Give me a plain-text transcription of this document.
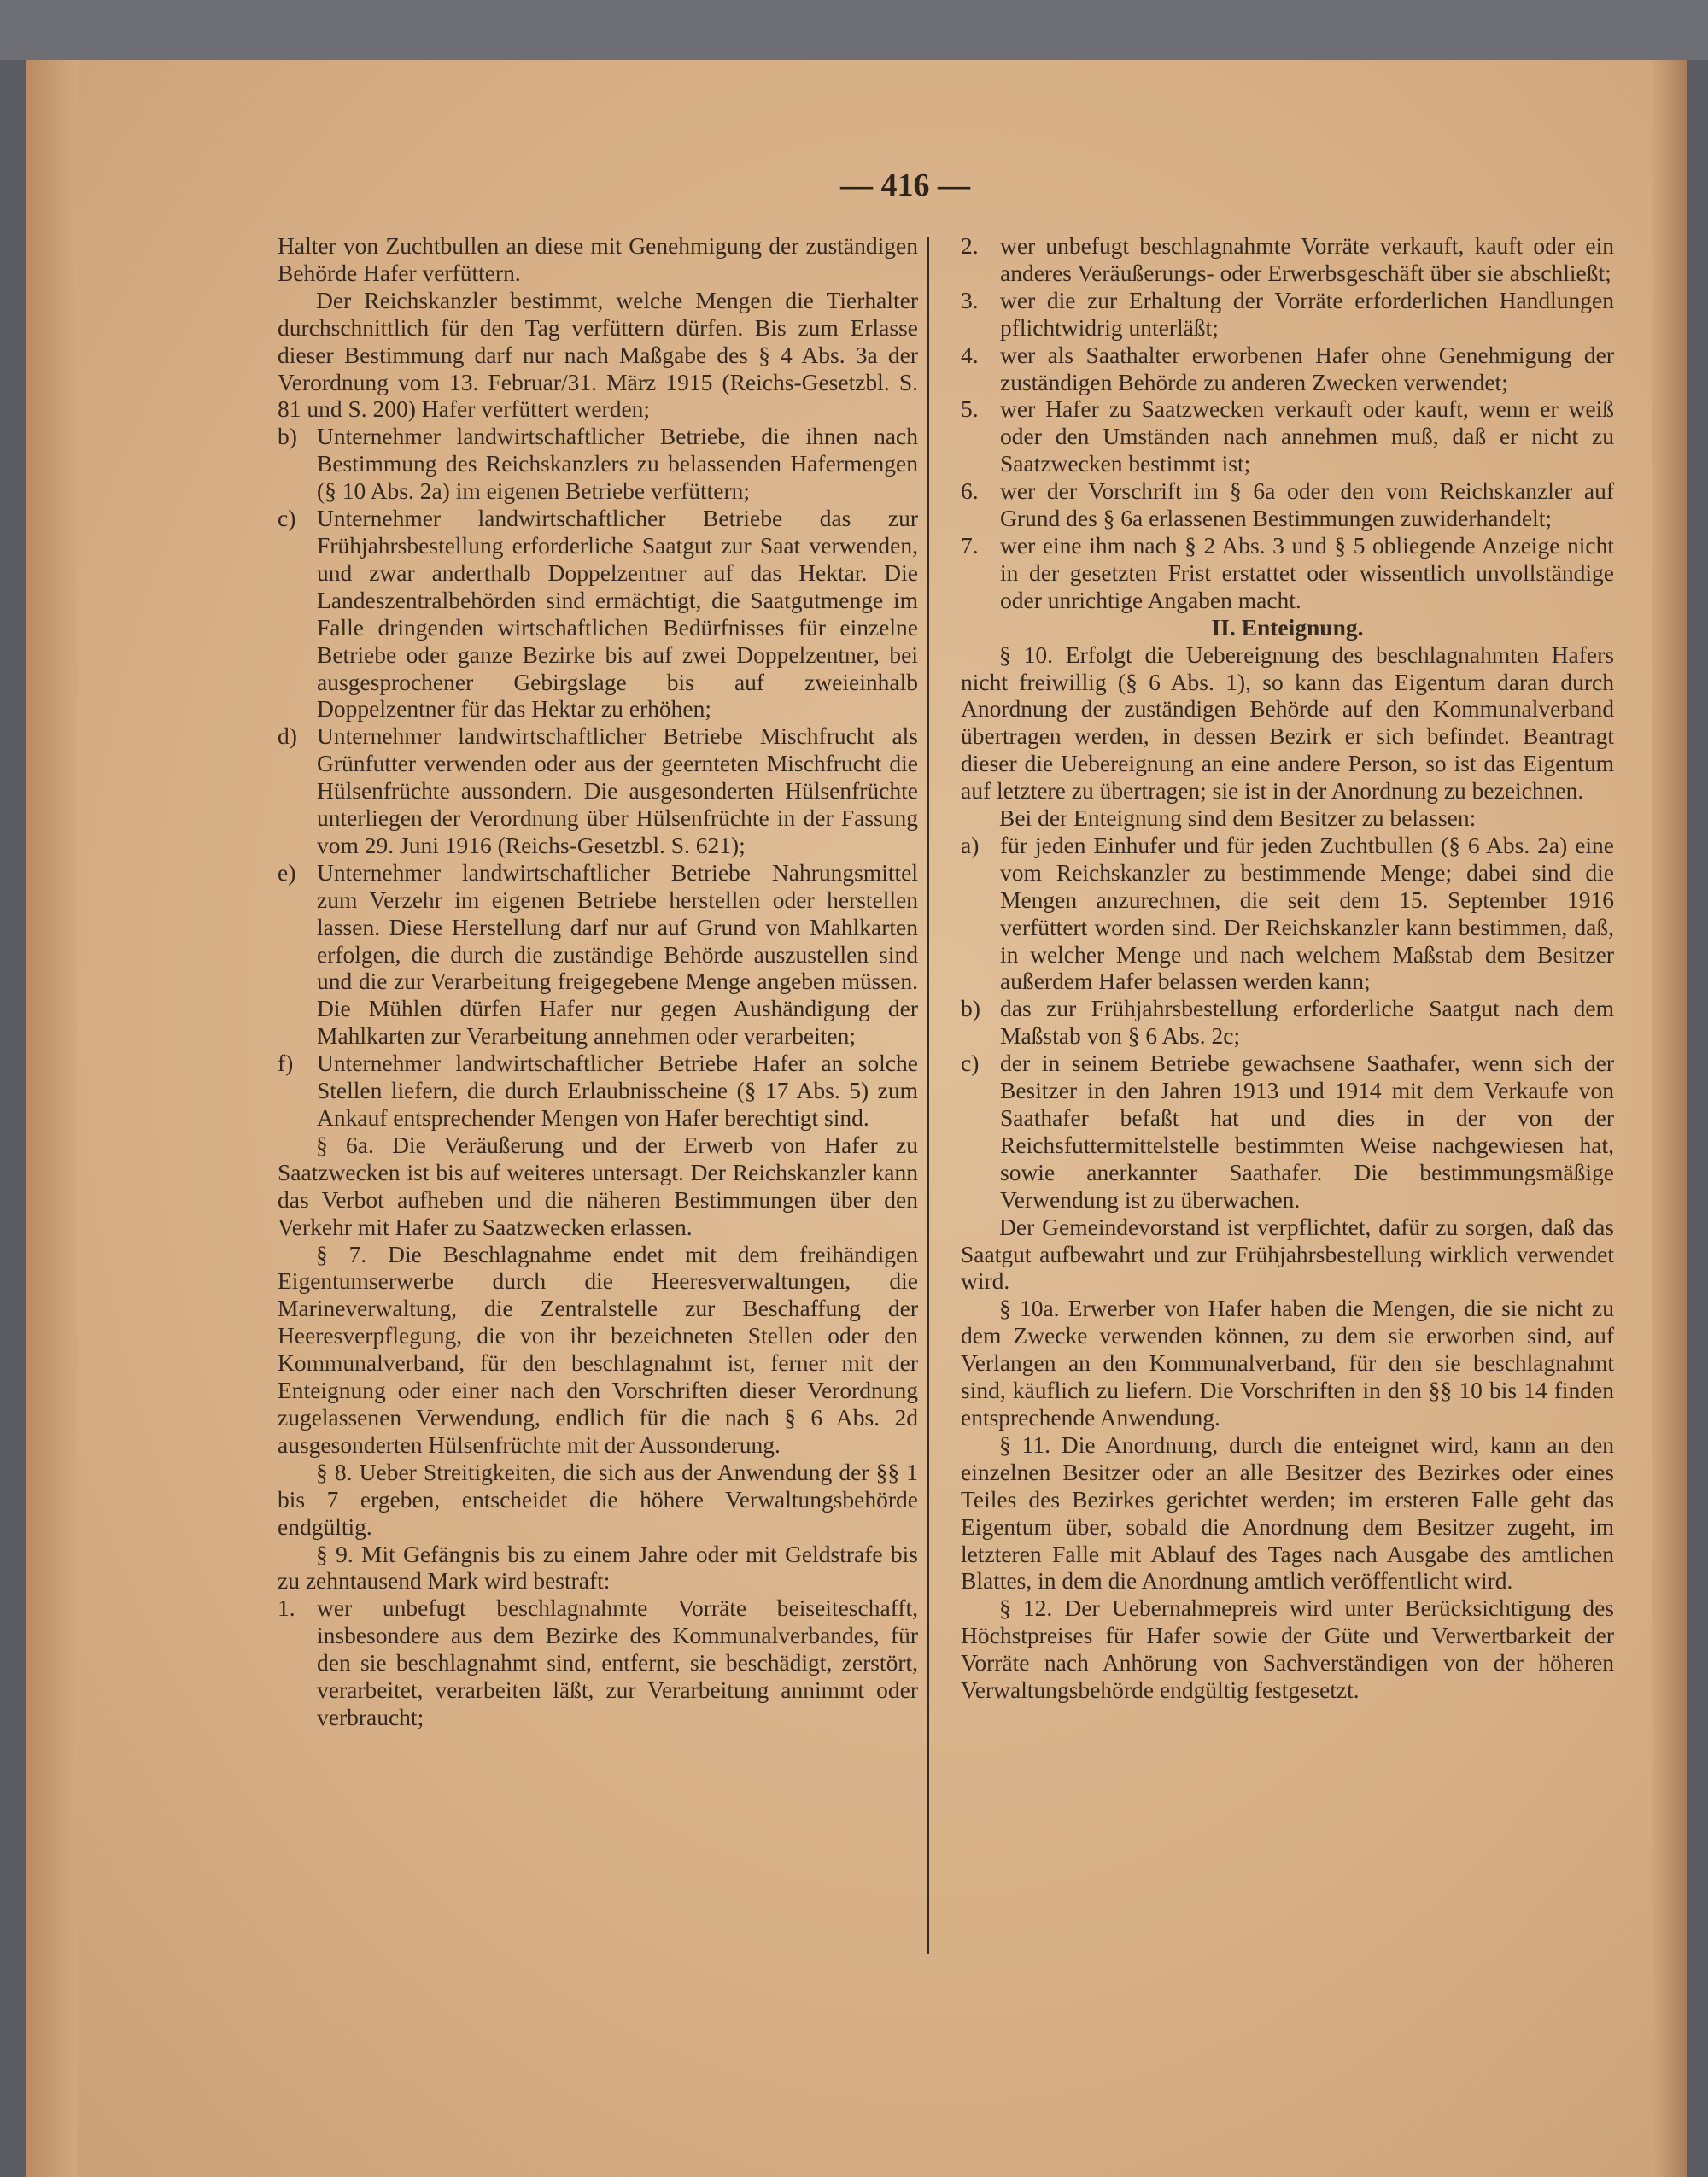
— 416 —

Halter von Zuchtbullen an diese mit Genehmigung der zuständigen Behörde Hafer verfüttern.

Der Reichskanzler bestimmt, welche Mengen die Tierhalter durchschnittlich für den Tag verfüttern dürfen. Bis zum Erlasse dieser Bestimmung darf nur nach Maßgabe des § 4 Abs. 3a der Verordnung vom 13. Februar/31. März 1915 (Reichs-Gesetzbl. S. 81 und S. 200) Hafer verfüttert werden;

b) Unternehmer landwirtschaftlicher Betriebe, die ihnen nach Bestimmung des Reichskanzlers zu belassenden Hafermengen (§ 10 Abs. 2a) im eigenen Betriebe verfüttern;

c) Unternehmer landwirtschaftlicher Betriebe das zur Frühjahrsbestellung erforderliche Saatgut zur Saat verwenden, und zwar anderthalb Doppelzentner auf das Hektar. Die Landeszentralbehörden sind ermächtigt, die Saatgutmenge im Falle dringenden wirtschaftlichen Bedürfnisses für einzelne Betriebe oder ganze Bezirke bis auf zwei Doppelzentner, bei ausgesprochener Gebirgslage bis auf zweieinhalb Doppelzentner für das Hektar zu erhöhen;

d) Unternehmer landwirtschaftlicher Betriebe Mischfrucht als Grünfutter verwenden oder aus der geernteten Mischfrucht die Hülsenfrüchte aussondern. Die ausgesonderten Hülsenfrüchte unterliegen der Verordnung über Hülsenfrüchte in der Fassung vom 29. Juni 1916 (Reichs-Gesetzbl. S. 621);

e) Unternehmer landwirtschaftlicher Betriebe Nahrungsmittel zum Verzehr im eigenen Betriebe herstellen oder herstellen lassen. Diese Herstellung darf nur auf Grund von Mahlkarten erfolgen, die durch die zuständige Behörde auszustellen sind und die zur Verarbeitung freigegebene Menge angeben müssen. Die Mühlen dürfen Hafer nur gegen Aushändigung der Mahlkarten zur Verarbeitung annehmen oder verarbeiten;

f) Unternehmer landwirtschaftlicher Betriebe Hafer an solche Stellen liefern, die durch Erlaubnisscheine (§ 17 Abs. 5) zum Ankauf entsprechender Mengen von Hafer berechtigt sind.

§ 6a. Die Veräußerung und der Erwerb von Hafer zu Saatzwecken ist bis auf weiteres untersagt. Der Reichskanzler kann das Verbot aufheben und die näheren Bestimmungen über den Verkehr mit Hafer zu Saatzwecken erlassen.

§ 7. Die Beschlagnahme endet mit dem freihändigen Eigentumserwerbe durch die Heeresverwaltungen, die Marineverwaltung, die Zentralstelle zur Beschaffung der Heeresverpflegung, die von ihr bezeichneten Stellen oder den Kommunalverband, für den beschlagnahmt ist, ferner mit der Enteignung oder einer nach den Vorschriften dieser Verordnung zugelassenen Verwendung, endlich für die nach § 6 Abs. 2d ausgesonderten Hülsenfrüchte mit der Aussonderung.

§ 8. Ueber Streitigkeiten, die sich aus der Anwendung der §§ 1 bis 7 ergeben, entscheidet die höhere Verwaltungsbehörde endgültig.

§ 9. Mit Gefängnis bis zu einem Jahre oder mit Geldstrafe bis zu zehntausend Mark wird bestraft:

1. wer unbefugt beschlagnahmte Vorräte beiseiteschafft, insbesondere aus dem Bezirke des Kommunalverbandes, für den sie beschlagnahmt sind, entfernt, sie beschädigt, zerstört, verarbeitet, verarbeiten läßt, zur Verarbeitung annimmt oder verbraucht;

2. wer unbefugt beschlagnahmte Vorräte verkauft, kauft oder ein anderes Veräußerungs- oder Erwerbsgeschäft über sie abschließt;

3. wer die zur Erhaltung der Vorräte erforderlichen Handlungen pflichtwidrig unterläßt;

4. wer als Saathalter erworbenen Hafer ohne Genehmigung der zuständigen Behörde zu anderen Zwecken verwendet;

5. wer Hafer zu Saatzwecken verkauft oder kauft, wenn er weiß oder den Umständen nach annehmen muß, daß er nicht zu Saatzwecken bestimmt ist;

6. wer der Vorschrift im § 6a oder den vom Reichskanzler auf Grund des § 6a erlassenen Bestimmungen zuwiderhandelt;

7. wer eine ihm nach § 2 Abs. 3 und § 5 obliegende Anzeige nicht in der gesetzten Frist erstattet oder wissentlich unvollständige oder unrichtige Angaben macht.

II. Enteignung.

§ 10. Erfolgt die Uebereignung des beschlagnahmten Hafers nicht freiwillig (§ 6 Abs. 1), so kann das Eigentum daran durch Anordnung der zuständigen Behörde auf den Kommunalverband übertragen werden, in dessen Bezirk er sich befindet. Beantragt dieser die Uebereignung an eine andere Person, so ist das Eigentum auf letztere zu übertragen; sie ist in der Anordnung zu bezeichnen.

Bei der Enteignung sind dem Besitzer zu belassen:

a) für jeden Einhufer und für jeden Zuchtbullen (§ 6 Abs. 2a) eine vom Reichskanzler zu bestimmende Menge; dabei sind die Mengen anzurechnen, die seit dem 15. September 1916 verfüttert worden sind. Der Reichskanzler kann bestimmen, daß, in welcher Menge und nach welchem Maßstab dem Besitzer außerdem Hafer belassen werden kann;

b) das zur Frühjahrsbestellung erforderliche Saatgut nach dem Maßstab von § 6 Abs. 2c;

c) der in seinem Betriebe gewachsene Saathafer, wenn sich der Besitzer in den Jahren 1913 und 1914 mit dem Verkaufe von Saathafer befaßt hat und dies in der von der Reichsfuttermittelstelle bestimmten Weise nachgewiesen hat, sowie anerkannter Saathafer. Die bestimmungsmäßige Verwendung ist zu überwachen.

Der Gemeindevorstand ist verpflichtet, dafür zu sorgen, daß das Saatgut aufbewahrt und zur Frühjahrsbestellung wirklich verwendet wird.

§ 10a. Erwerber von Hafer haben die Mengen, die sie nicht zu dem Zwecke verwenden können, zu dem sie erworben sind, auf Verlangen an den Kommunalverband, für den sie beschlagnahmt sind, käuflich zu liefern. Die Vorschriften in den §§ 10 bis 14 finden entsprechende Anwendung.

§ 11. Die Anordnung, durch die enteignet wird, kann an den einzelnen Besitzer oder an alle Besitzer des Bezirkes oder eines Teiles des Bezirkes gerichtet werden; im ersteren Falle geht das Eigentum über, sobald die Anordnung dem Besitzer zugeht, im letzteren Falle mit Ablauf des Tages nach Ausgabe des amtlichen Blattes, in dem die Anordnung amtlich veröffentlicht wird.

§ 12. Der Uebernahmepreis wird unter Berücksichtigung des Höchstpreises für Hafer sowie der Güte und Verwertbarkeit der Vorräte nach Anhörung von Sachverständigen von der höheren Verwaltungsbehörde endgültig festgesetzt.
